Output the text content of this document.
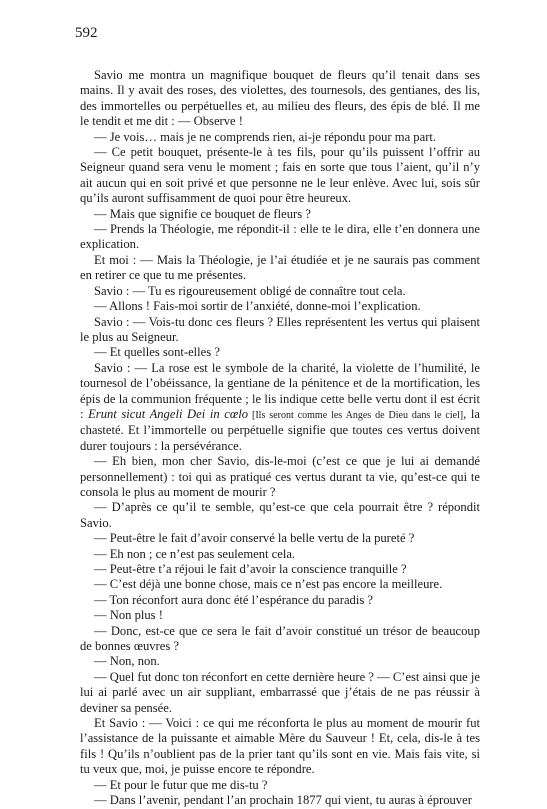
592

Savio me montra un magnifique bouquet de fleurs qu’il tenait dans ses mains. Il y avait des roses, des violettes, des tournesols, des gentianes, des lis, des immortelles ou perpétuelles et, au milieu des fleurs, des épis de blé. Il me le tendit et me dit : — Observe !

— Je vois… mais je ne comprends rien, ai-je répondu pour ma part.

— Ce petit bouquet, présente-le à tes fils, pour qu’ils puissent l’offrir au Seigneur quand sera venu le moment ; fais en sorte que tous l’aient, qu’il n’y ait aucun qui en soit privé et que personne ne le leur enlève. Avec lui, sois sûr qu’ils auront suffisamment de quoi pour être heureux.

— Mais que signifie ce bouquet de fleurs ?

— Prends la Théologie, me répondit-il : elle te le dira, elle t’en donnera une explication.

Et moi : — Mais la Théologie, je l’ai étudiée et je ne saurais pas comment en retirer ce que tu me présentes.

Savio : — Tu es rigoureusement obligé de connaître tout cela.

— Allons ! Fais-moi sortir de l’anxiété, donne-moi l’explication.

Savio : — Vois-tu donc ces fleurs ? Elles représentent les vertus qui plaisent le plus au Seigneur.

— Et quelles sont-elles ?

Savio : — La rose est le symbole de la charité, la violette de l’humilité, le tournesol de l’obéissance, la gentiane de la pénitence et de la mortification, les épis de la communion fréquente ; le lis indique cette belle vertu dont il est écrit : Erunt sicut Angeli Dei in cœlo [Ils seront comme les Anges de Dieu dans le ciel], la chasteté. Et l’immortelle ou perpétuelle signifie que toutes ces vertus doivent durer toujours : la persévérance.

— Eh bien, mon cher Savio, dis-le-moi (c’est ce que je lui ai demandé personnellement) : toi qui as pratiqué ces vertus durant ta vie, qu’est-ce qui te consola le plus au moment de mourir ?

— D’après ce qu’il te semble, qu’est-ce que cela pourrait être ? répondit Savio.

— Peut-être le fait d’avoir conservé la belle vertu de la pureté ?

— Eh non ; ce n’est pas seulement cela.

— Peut-être t’a réjoui le fait d’avoir la conscience tranquille ?

— C’est déjà une bonne chose, mais ce n’est pas encore la meilleure.

— Ton réconfort aura donc été l’espérance du paradis ?

— Non plus !

— Donc, est-ce que ce sera le fait d’avoir constitué un trésor de beaucoup de bonnes œuvres ?

— Non, non.

— Quel fut donc ton réconfort en cette dernière heure ? — C’est ainsi que je lui ai parlé avec un air suppliant, embarrassé que j’étais de ne pas réussir à deviner sa pensée.

Et Savio : — Voici : ce qui me réconforta le plus au moment de mourir fut l’assistance de la puissante et aimable Mère du Sauveur ! Et, cela, dis-le à tes fils ! Qu’ils n’oublient pas de la prier tant qu’ils sont en vie. Mais fais vite, si tu veux que, moi, je puisse encore te répondre.

— Et pour le futur que me dis-tu ?

— Dans l’avenir, pendant l’an prochain 1877 qui vient, tu auras à éprouver
